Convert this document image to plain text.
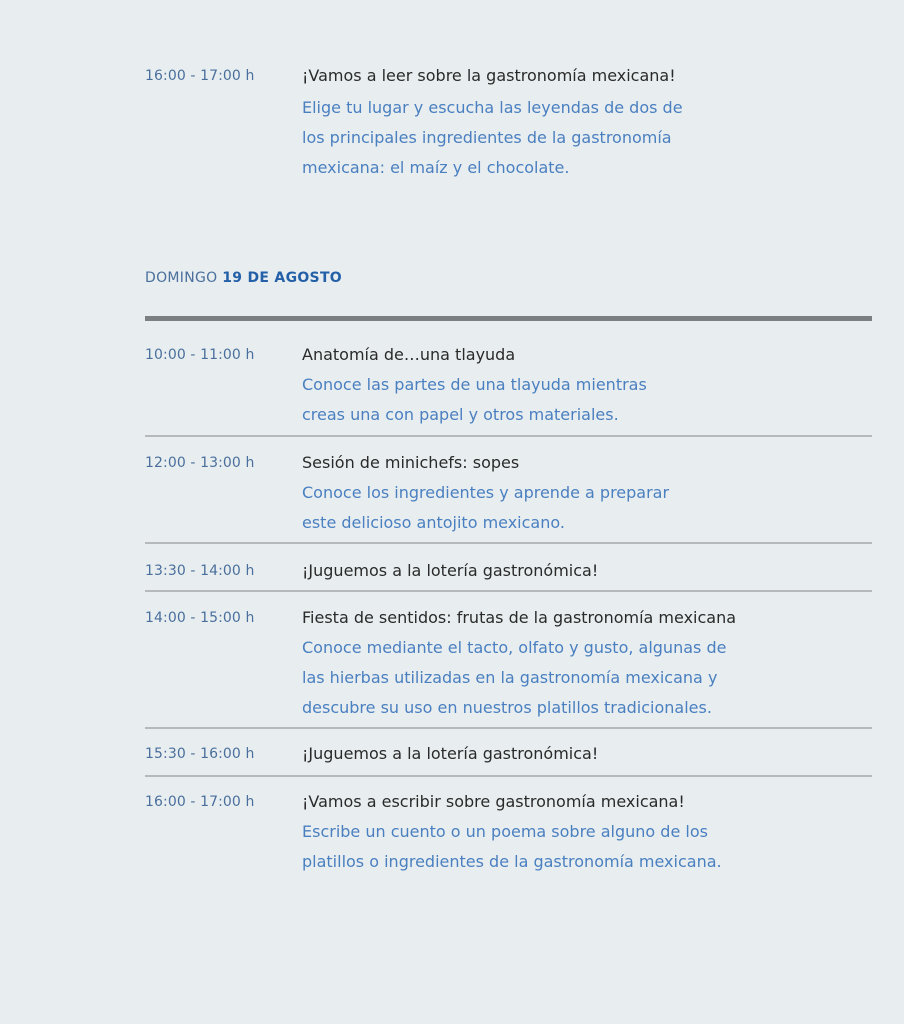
16:00 - 17:00 h	¡Vamos a leer sobre la gastronomía mexicana!
Elige tu lugar y escucha las leyendas de dos de
los principales ingredientes de la gastronomía
mexicana: el maíz y el chocolate.
DOMINGO 19 DE AGOSTO
10:00 - 11:00 h	Anatomía de…una tlayuda
Conoce las partes de una tlayuda mientras
creas una con papel y otros materiales.
12:00 - 13:00 h	Sesión de minichefs: sopes
Conoce los ingredientes y aprende a preparar
este delicioso antojito mexicano.
13:30 - 14:00 h	¡Juguemos a la lotería gastronómica!
14:00 - 15:00 h	Fiesta de sentidos: frutas de la gastronomía mexicana
Conoce mediante el tacto, olfato y gusto, algunas de
las hierbas utilizadas en la gastronomía mexicana y
descubre su uso en nuestros platillos tradicionales.
15:30 - 16:00 h	¡Juguemos a la lotería gastronómica!
16:00 - 17:00 h	¡Vamos a escribir sobre gastronomía mexicana!
Escribe un cuento o un poema sobre alguno de los
platillos o ingredientes de la gastronomía mexicana.
